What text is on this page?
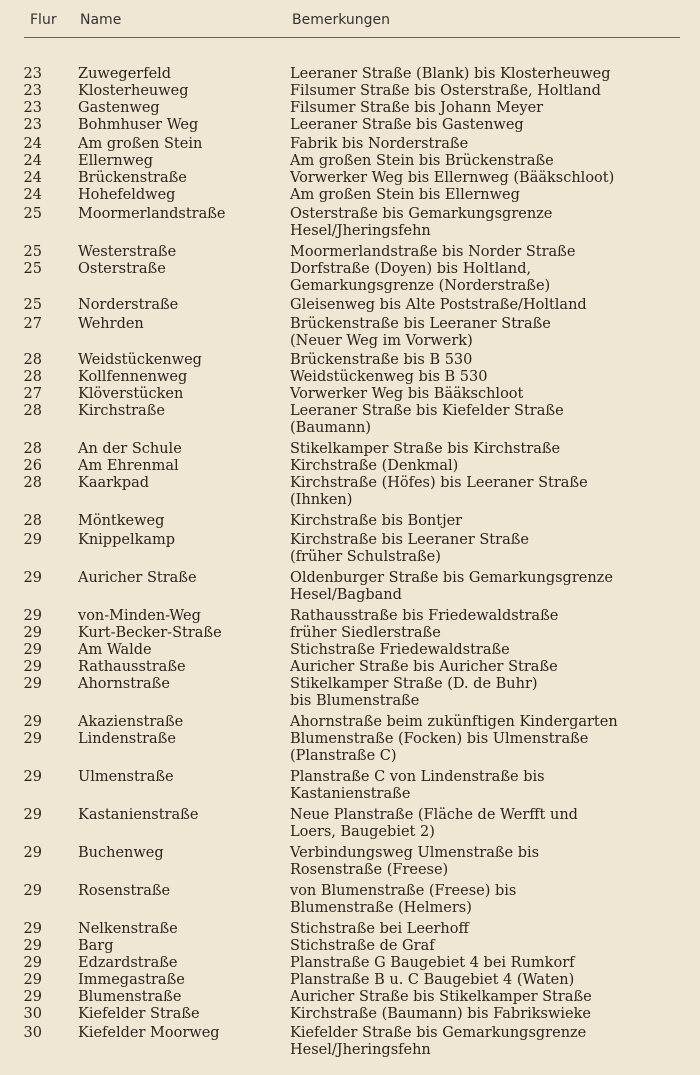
Flur Name	Bemerkungen
23 Zuwegerfeld	Leeraner Straße (Blank) bis Klosterheuweg
23 Klosterheuweg	Filsumer Straße bis Osterstraße, Holtland
23 Gastenweg	Filsumer Straße bis Johann Meyer
23 Bohmhuser Weg	Leeraner Straße bis Gastenweg
24 Am großen Stein	Fabrik bis Norderstraße
24 Ellernweg	Am großen Stein bis Brückenstraße
24 Brückenstraße	Vorwerker Weg bis Ellernweg (Bääkschloot)
24 Hohefeldweg	Am großen Stein bis Ellernweg
25 Moormerlandstraße	Osterstraße bis Gemarkungsgrenze
Hesel/Jheringsfehn
25 Westerstraße	Moormerlandstraße bis Norder Straße
25 Osterstraße	Dorfstraße (Doyen) bis Holtland,
Gemarkungsgrenze (Norderstraße)
25 Norderstraße	Gleisenweg bis Alte Poststraße/Holtland
27 Wehrden	Brückenstraße bis Leeraner Straße
(Neuer Weg im Vorwerk)
28 Weidstückenweg	Brückenstraße bis B 530
28 Kollfennenweg	Weidstückenweg bis B 530
27 Klöverstücken	Vorwerker Weg bis Bääkschloot
28 Kirchstraße	Leeraner Straße bis Kiefelder Straße
(Baumann)
28 An der Schule	Stikelkamper Straße bis Kirchstraße
26 Am Ehrenmal	Kirchstraße (Denkmal)
28 Kaarkpad	Kirchstraße (Höfes) bis Leeraner Straße
(Ihnken)
28 Möntkeweg	Kirchstraße bis Bontjer
29 Knippelkamp	Kirchstraße bis Leeraner Straße
(früher Schulstraße)
29 Auricher Straße	Oldenburger Straße bis Gemarkungsgrenze
Hesel/Bagband
29 von-Minden-Weg	Rathausstraße bis Friedewaldstraße
29 Kurt-Becker-Straße	früher Siedlerstraße
29 Am Walde	Stichstraße Friedewaldstraße
29 Rathausstraße	Auricher Straße bis Auricher Straße
29 Ahornstraße	Stikelkamper Straße (D. de Buhr)
bis Blumenstraße
29 Akazienstraße	Ahornstraße beim zukünftigen Kindergarten
29 Lindenstraße	Blumenstraße (Focken) bis Ulmenstraße
(Planstraße C)
29 Ulmenstraße	Planstraße C von Lindenstraße bis
Kastanienstraße
29 Kastanienstraße	Neue Planstraße (Fläche de Werfft und
Loers, Baugebiet 2)
29 Buchenweg	Verbindungsweg Ulmenstraße bis
Rosenstraße (Freese)
29 Rosenstraße	von Blumenstraße (Freese) bis
Blumenstraße (Helmers)
29 Nelkenstraße	Stichstraße bei Leerhoff
29 Barg	Stichstraße de Graf
29 Edzardstraße	Planstraße G Baugebiet 4 bei Rumkorf
29 Immegastraße	Planstraße B u. C Baugebiet 4 (Waten)
29 Blumenstraße	Auricher Straße bis Stikelkamper Straße
30 Kiefelder Straße	Kirchstraße (Baumann) bis Fabrikswieke
30 Kiefelder Moorweg	Kiefelder Straße bis Gemarkungsgrenze
Hesel/Jheringsfehn
